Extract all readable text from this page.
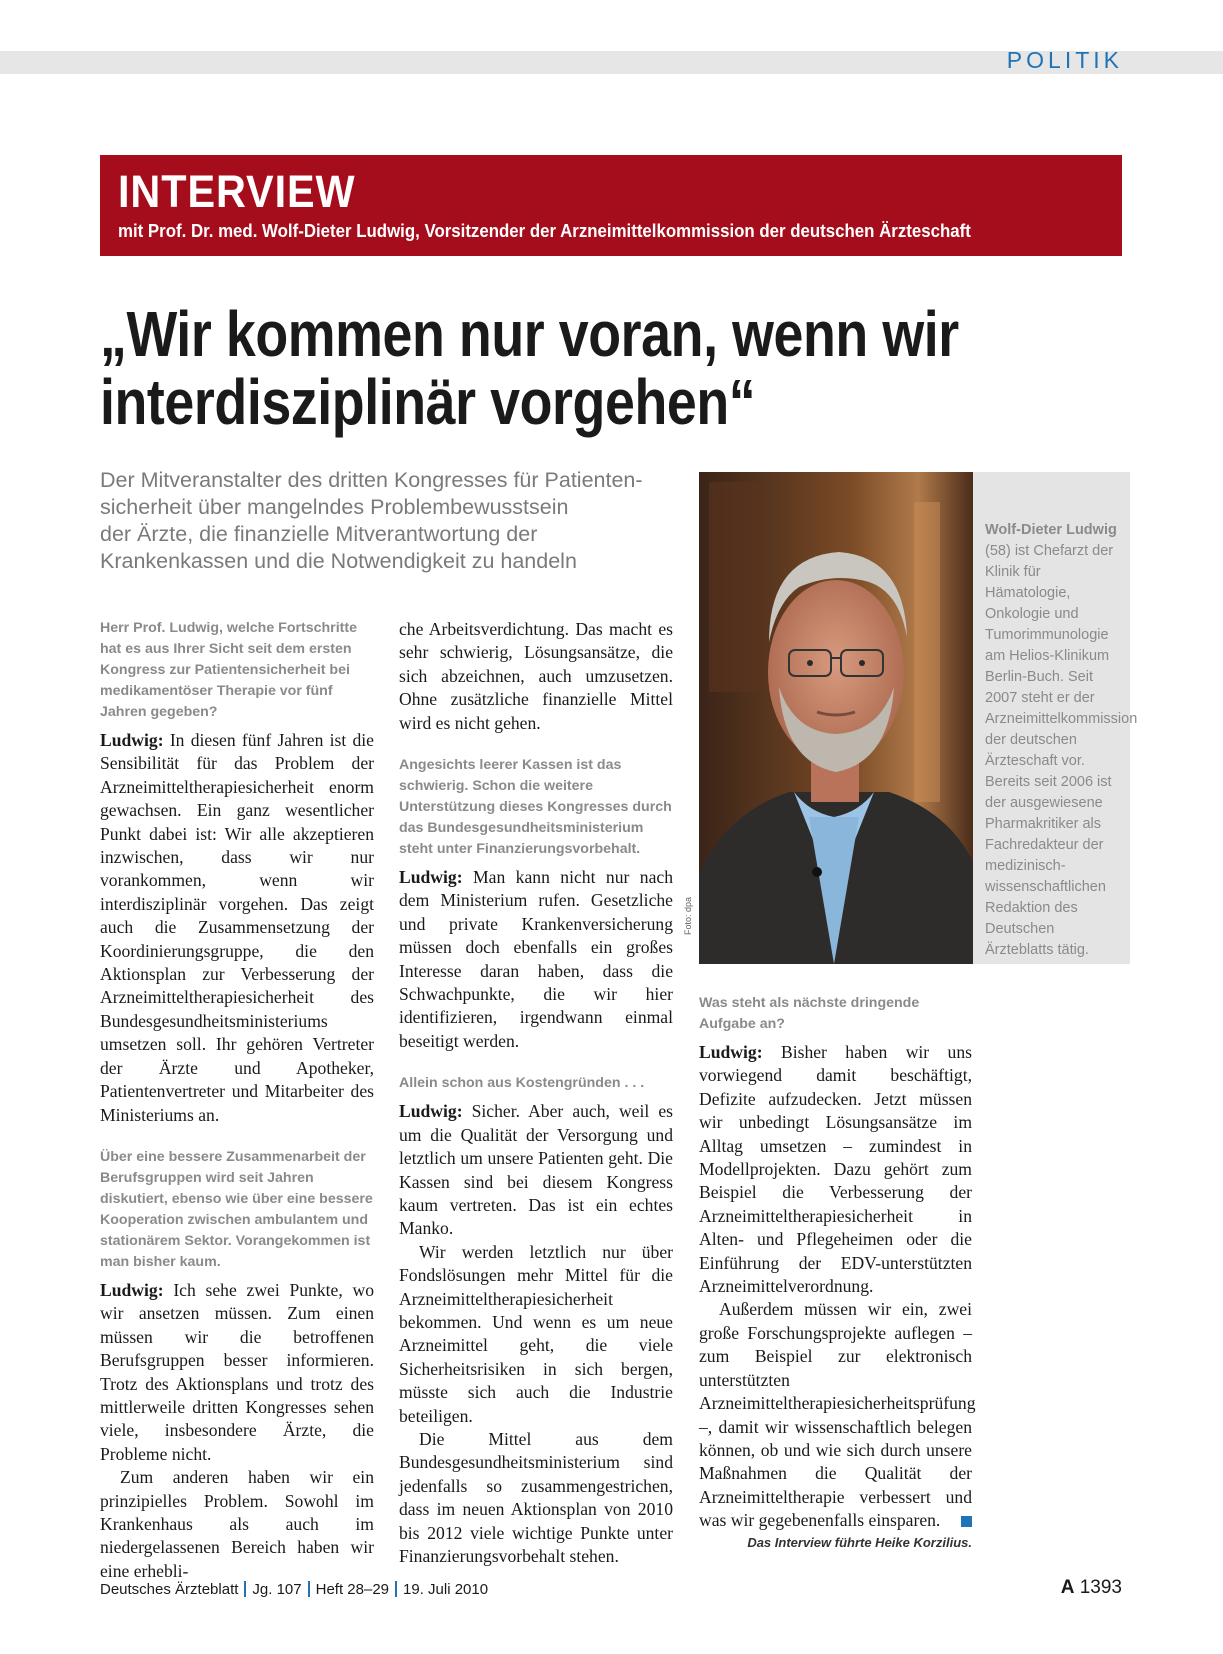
POLITIK
INTERVIEW
mit Prof. Dr. med. Wolf-Dieter Ludwig, Vorsitzender der Arzneimittelkommission der deutschen Ärzteschaft
„Wir kommen nur voran, wenn wir
interdisziplinär vorgehen“
Der Mitveranstalter des dritten Kongresses für Patienten-
sicherheit über mangelndes Problembewusstsein
der Ärzte, die finanzielle Mitverantwortung der
Krankenkassen und die Notwendigkeit zu handeln

Herr Prof. Ludwig, welche Fortschritte hat es aus Ihrer Sicht seit dem ersten Kongress zur Patientensicherheit bei medikamentöser Therapie vor fünf Jahren gegeben?

Ludwig: In diesen fünf Jahren ist die Sensibilität für das Problem der Arzneimitteltherapiesicherheit enorm gewachsen. Ein ganz wesentlicher Punkt dabei ist: Wir alle akzeptieren inzwischen, dass wir nur vorankommen, wenn wir interdisziplinär vorgehen. Das zeigt auch die Zusammensetzung der Koordinierungsgruppe, die den Aktionsplan zur Verbesserung der Arzneimitteltherapiesicherheit des Bundesgesundheitsministeriums umsetzen soll. Ihr gehören Vertreter der Ärzte und Apotheker, Patientenvertreter und Mitarbeiter des Ministeriums an.

Über eine bessere Zusammenarbeit der Berufsgruppen wird seit Jahren diskutiert, ebenso wie über eine bessere Kooperation zwischen ambulantem und stationärem Sektor. Vorangekommen ist man bisher kaum.

Ludwig: Ich sehe zwei Punkte, wo wir ansetzen müssen. Zum einen müssen wir die betroffenen Berufsgruppen besser informieren. Trotz des Aktionsplans und trotz des mittlerweile dritten Kongresses sehen viele, insbesondere Ärzte, die Probleme nicht.

Zum anderen haben wir ein prinzipielles Problem. Sowohl im Krankenhaus als auch im niedergelassenen Bereich haben wir eine erhebli-

che Arbeitsverdichtung. Das macht es sehr schwierig, Lösungsansätze, die sich abzeichnen, auch umzusetzen. Ohne zusätzliche finanzielle Mittel wird es nicht gehen.

Angesichts leerer Kassen ist das schwierig. Schon die weitere Unterstützung dieses Kongresses durch das Bundesgesundheitsministerium steht unter Finanzierungsvorbehalt.

Ludwig: Man kann nicht nur nach dem Ministerium rufen. Gesetzliche und private Krankenversicherung müssen doch ebenfalls ein großes Interesse daran haben, dass die Schwachpunkte, die wir hier identifizieren, irgendwann einmal beseitigt werden.

Allein schon aus Kostengründen . . .

Ludwig: Sicher. Aber auch, weil es um die Qualität der Versorgung und letztlich um unsere Patienten geht. Die Kassen sind bei diesem Kongress kaum vertreten. Das ist ein echtes Manko.

Wir werden letztlich nur über Fondslösungen mehr Mittel für die Arzneimitteltherapiesicherheit bekommen. Und wenn es um neue Arzneimittel geht, die viele Sicherheitsrisiken in sich bergen, müsste sich auch die Industrie beteiligen.

Die Mittel aus dem Bundesgesundheitsministerium sind jedenfalls so zusammengestrichen, dass im neuen Aktionsplan von 2010 bis 2012 viele wichtige Punkte unter Finanzierungsvorbehalt stehen.

Foto: dpa
Wolf-Dieter Ludwig
(58) ist Chefarzt der Klinik für Hämatologie, Onkologie und Tumorimmunologie am Helios-Klinikum Berlin-Buch. Seit 2007 steht er der Arzneimittelkommission der deutschen Ärzteschaft vor. Bereits seit 2006 ist der ausgewiesene Pharmakritiker als Fachredakteur der medizinisch-wissenschaftlichen Redaktion des Deutschen Ärzteblatts tätig.

Was steht als nächste dringende Aufgabe an?

Ludwig: Bisher haben wir uns vorwiegend damit beschäftigt, Defizite aufzudecken. Jetzt müssen wir unbedingt Lösungsansätze im Alltag umsetzen – zumindest in Modellprojekten. Dazu gehört zum Beispiel die Verbesserung der Arzneimitteltherapiesicherheit in Alten- und Pflegeheimen oder die Einführung der EDV-unterstützten Arzneimittelverordnung.

Außerdem müssen wir ein, zwei große Forschungsprojekte auflegen – zum Beispiel zur elektronisch unterstützten Arzneimitteltherapiesicherheitsprüfung –, damit wir wissenschaftlich belegen können, ob und wie sich durch unsere Maßnahmen die Qualität der Arzneimitteltherapie verbessert und was wir gegebenenfalls einsparen.

Das Interview führte Heike Korzilius.
Deutsches Ärzteblatt Jg. 107 Heft 28–29 19. Juli 2010	A 1393
